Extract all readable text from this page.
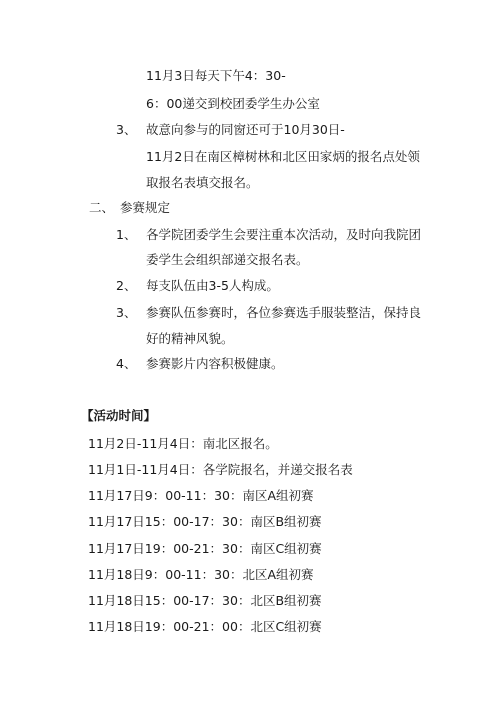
11月3日每天下午4：30-
6：00递交到校团委学生办公室
3、 故意向参与的同窗还可于10月30日-
11月2日在南区樟树林和北区田家炳的报名点处领
取报名表填交报名。
二、 参赛规定
1、 各学院团委学生会要注重本次活动，及时向我院团
委学生会组织部递交报名表。
2、 每支队伍由3-5人构成。
3、 参赛队伍参赛时，各位参赛选手服装整洁，保持良
好的精神风貌。
4、 参赛影片内容积极健康。
【活动时间】
11月2日-11月4日：南北区报名。
11月1日-11月4日：各学院报名，并递交报名表
11月17日9：00-11：30：南区A组初赛
11月17日15：00-17：30：南区B组初赛
11月17日19：00-21：30：南区C组初赛
11月18日9：00-11：30：北区A组初赛
11月18日15：00-17：30：北区B组初赛
11月18日19：00-21：00：北区C组初赛
